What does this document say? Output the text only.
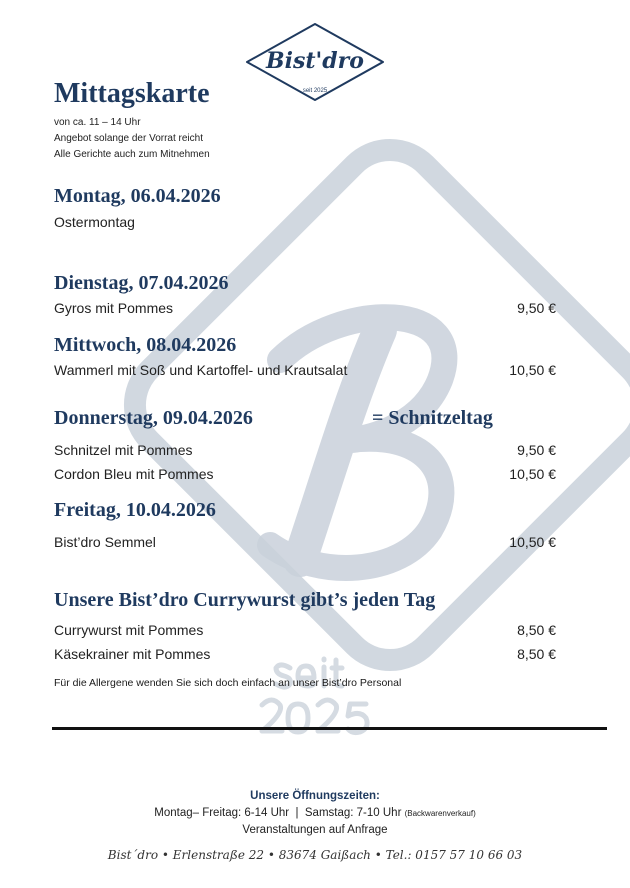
Bist'dro
seit 2025
Mittagskarte
von ca. 11 – 14 Uhr
Angebot solange der Vorrat reicht
Alle Gerichte auch zum Mitnehmen
Montag, 06.04.2026
Ostermontag
Dienstag, 07.04.2026
Gyros mit Pommes	9,50 €
Mittwoch, 08.04.2026
Wammerl mit Soß und Kartoffel- und Krautsalat	10,50 €
Donnerstag, 09.04.2026	= Schnitzeltag
Schnitzel mit Pommes	9,50 €
Cordon Bleu mit Pommes	10,50 €
Freitag, 10.04.2026
Bist’dro Semmel	10,50 €
Unsere Bist’dro Currywurst gibt’s jeden Tag
Currywurst mit Pommes	8,50 €
Käsekrainer mit Pommes	8,50 €
Für die Allergene wenden Sie sich doch einfach an unser Bist’dro Personal
Unsere Öffnungszeiten:
Montag– Freitag: 6-14 Uhr  |  Samstag: 7-10 Uhr (Backwarenverkauf)
Veranstaltungen auf Anfrage
Bist´dro • Erlenstraße 22 • 83674 Gaißach • Tel.: 0157 57 10 66 03
